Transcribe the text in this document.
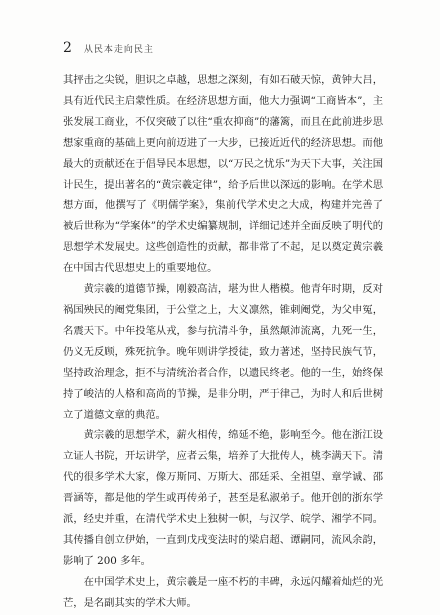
2 从民本走向民主

其抨击之尖锐，胆识之卓越，思想之深刻，有如石破天惊，黄钟大吕，具有近代民主启蒙性质。在经济思想方面，他大力强调“工商皆本”，主张发展工商业，不仅突破了以往“重农抑商”的藩篱，而且在此前进步思想家重商的基础上更向前迈进了一大步，已接近近代的经济思想。而他最大的贡献还在于倡导民本思想，以“万民之忧乐”为天下大事，关注国计民生，提出著名的“黄宗羲定律”，给予后世以深远的影响。在学术思想方面，他撰写了《明儒学案》，集前代学术史之大成，构建并完善了被后世称为“学案体”的学术史编纂规制，详细记述并全面反映了明代的思想学术发展史。这些创造性的贡献，都非常了不起，足以奠定黄宗羲在中国古代思想史上的重要地位。

黄宗羲的道德节操，刚毅高洁，堪为世人楷模。他青年时期，反对祸国殃民的阉党集团，于公堂之上，大义凛然，锥刺阉党，为父申冤，名震天下。中年投笔从戎，参与抗清斗争，虽然颠沛流离，九死一生，仍义无反顾，殊死抗争。晚年则讲学授徒，致力著述，坚持民族气节，坚持政治理念，拒不与清统治者合作，以遗民终老。他的一生，始终保持了峻洁的人格和高尚的节操，是非分明，严于律己，为时人和后世树立了道德文章的典范。

黄宗羲的思想学术，薪火相传，绵延不绝，影响至今。他在浙江设立证人书院，开坛讲学，应者云集，培养了大批传人，桃李满天下。清代的很多学术大家，像万斯同、万斯大、邵廷采、全祖望、章学诚、邵晋涵等，都是他的学生或再传弟子，甚至是私淑弟子。他开创的浙东学派，经史并重，在清代学术史上独树一帜，与汉学、皖学、湘学不同。其传播自创立伊始，一直到戊戌变法时的梁启超、谭嗣同，流风余韵，影响了 200 多年。

在中国学术史上，黄宗羲是一座不朽的丰碑，永远闪耀着灿烂的光芒，是名副其实的学术大师。
